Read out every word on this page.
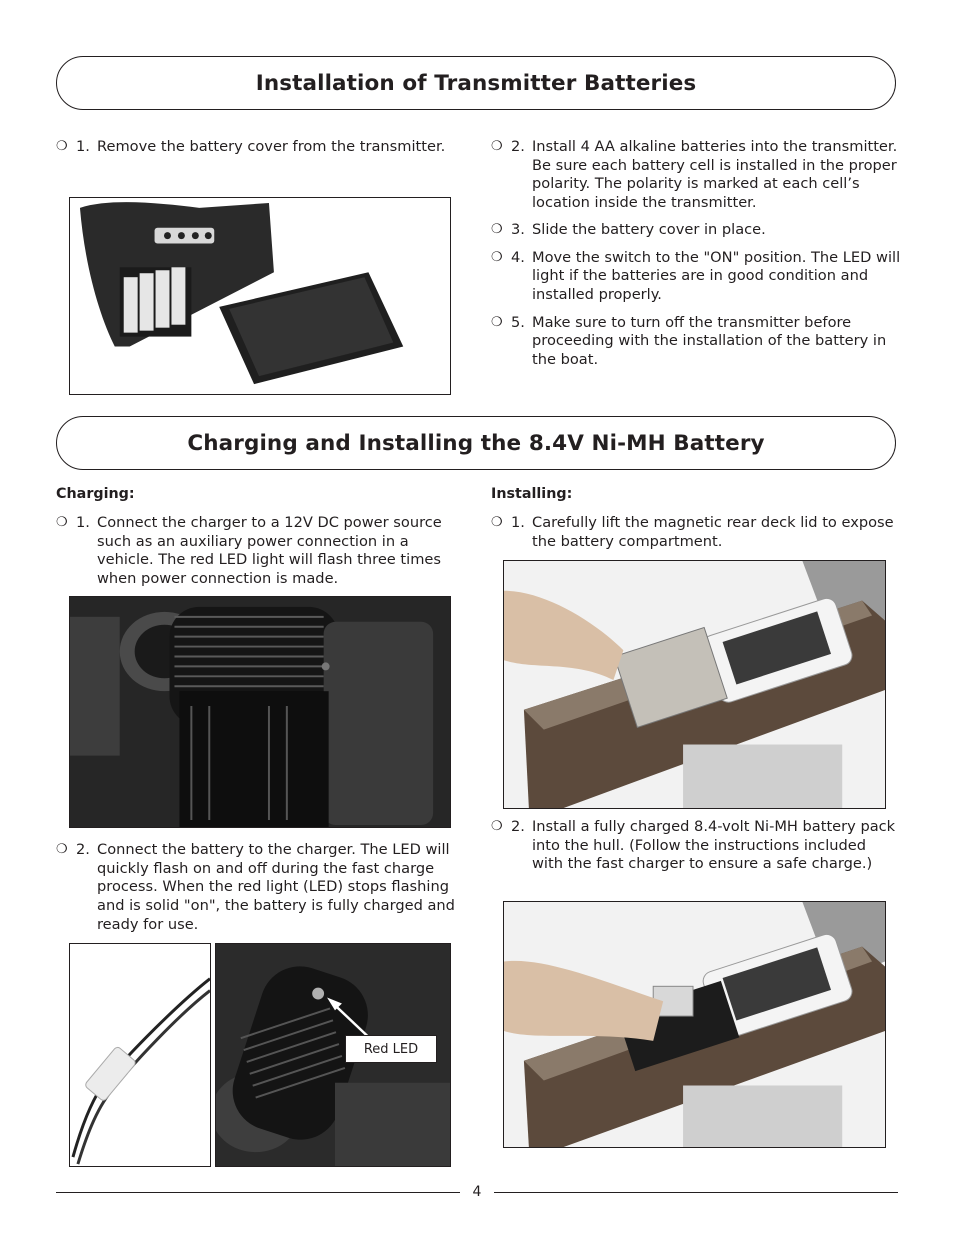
Installation of Transmitter Batteries
❍ 1. Remove the battery cover from the transmitter.	❍ 2. Install 4 AA alkaline batteries into the transmitter. Be sure each battery cell is installed in the proper polarity. The polarity is marked at each cell’s location inside the transmitter.
❍ 3. Slide the battery cover in place.
❍ 4. Move the switch to the "ON" position. The LED will light if the batteries are in good condition and installed properly.
❍ 5. Make sure to turn off the transmitter before proceeding with the installation of the battery in the boat.
Charging and Installing the 8.4V Ni-MH Battery
Charging:
❍ 1. Connect the charger to a 12V DC power source such as an auxiliary power connection in a vehicle. The red LED light will flash three times when power connection is made.
❍ 2. Connect the battery to the charger. The LED will quickly flash on and off during the fast charge process. When the red light (LED) stops flashing and is solid "on", the battery is fully charged and ready for use.
Red LED
Installing:
❍ 1. Carefully lift the magnetic rear deck lid to expose the battery compartment.
❍ 2. Install a fully charged 8.4-volt Ni-MH battery pack into the hull. (Follow the instructions included with the fast charger to ensure a safe charge.)
4
